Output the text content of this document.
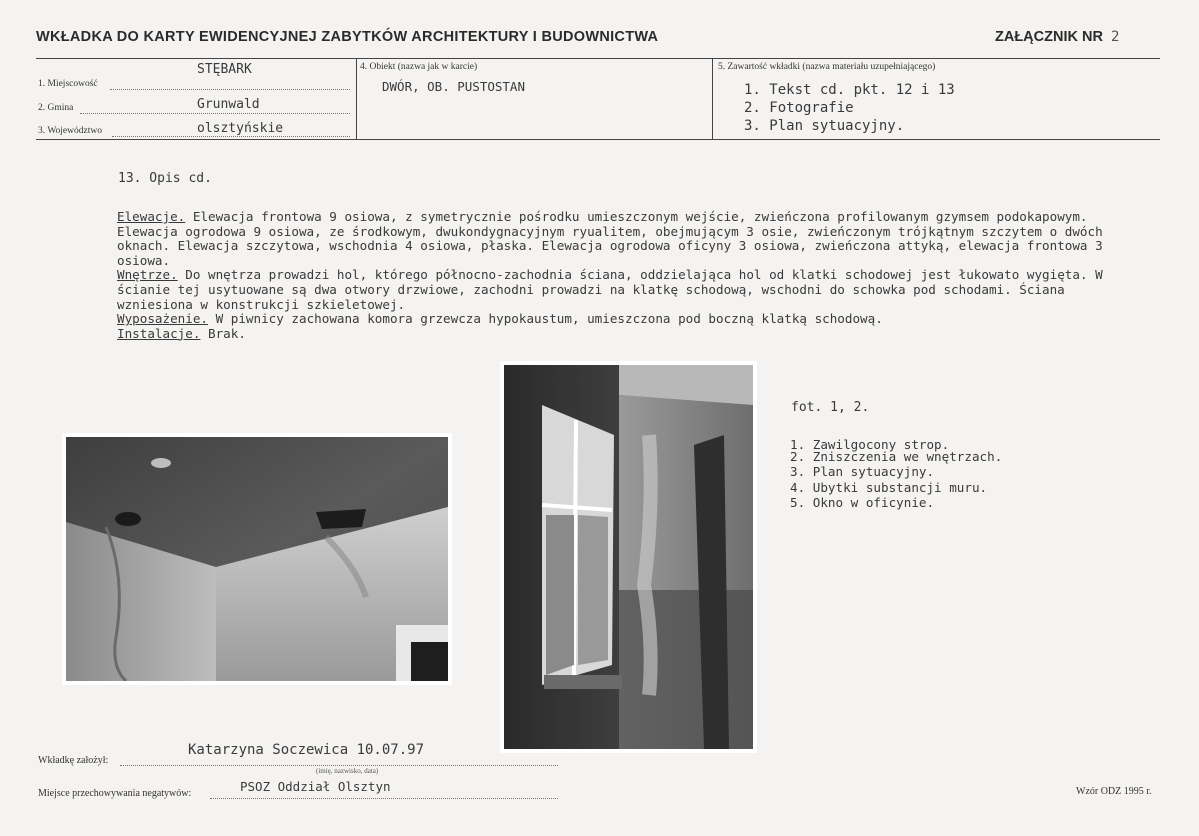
WKŁADKA DO KARTY EWIDENCYJNEJ ZABYTKÓW ARCHITEKTURY I BUDOWNICTWA	ZAŁĄCZNIK NR 2
1. Miejscowość
STĘBARK
2. Gmina	Grunwald
3. Województwo	olsztyńskie
4. Obiekt (nazwa jak w karcie)
DWÓR, OB. PUSTOSTAN
5. Zawartość wkładki (nazwa materiału uzupełniającego)
1. Tekst cd. pkt. 12 i 13
2. Fotografie
3. Plan sytuacyjny.
13. Opis cd.
Elewacje. Elewacja frontowa 9 osiowa, z symetrycznie pośrodku umieszczonym wejście, zwieńczona profilowanym gzymsem podokapowym. Elewacja ogrodowa 9 osiowa, ze środkowym, dwukondygnacyjnym ryualitem, obejmującym 3 osie, zwieńczonym trójkątnym szczytem o dwóch oknach. Elewacja szczytowa, wschodnia 4 osiowa, płaska. Elewacja ogrodowa oficyny 3 osiowa, zwieńczona attyką, elewacja frontowa 3 osiowa.
Wnętrze. Do wnętrza prowadzi hol, którego północno-zachodnia ściana, oddzielająca hol od klatki schodowej jest łukowato wygięta. W ścianie tej usytuowane są dwa otwory drzwiowe, zachodni prowadzi na klatkę schodową, wschodni do schowka pod schodami. Ściana wzniesiona w konstrukcji szkieletowej.
Wyposażenie. W piwnicy zachowana komora grzewcza hypokaustum, umieszczona pod boczną klatką schodową.
Instalacje. Brak.
fot. 1, 2.
1. Zawilgocony strop.
2. Zniszczenia we wnętrzach.
3. Plan sytuacyjny.
4. Ubytki substancji muru.
5. Okno w oficynie.
Wkładkę założył:
Katarzyna Soczewica 10.07.97
(imię, nazwisko, data)
Miejsce przechowywania negatywów:	PSOZ Oddział Olsztyn	Wzór ODZ 1995 r.
